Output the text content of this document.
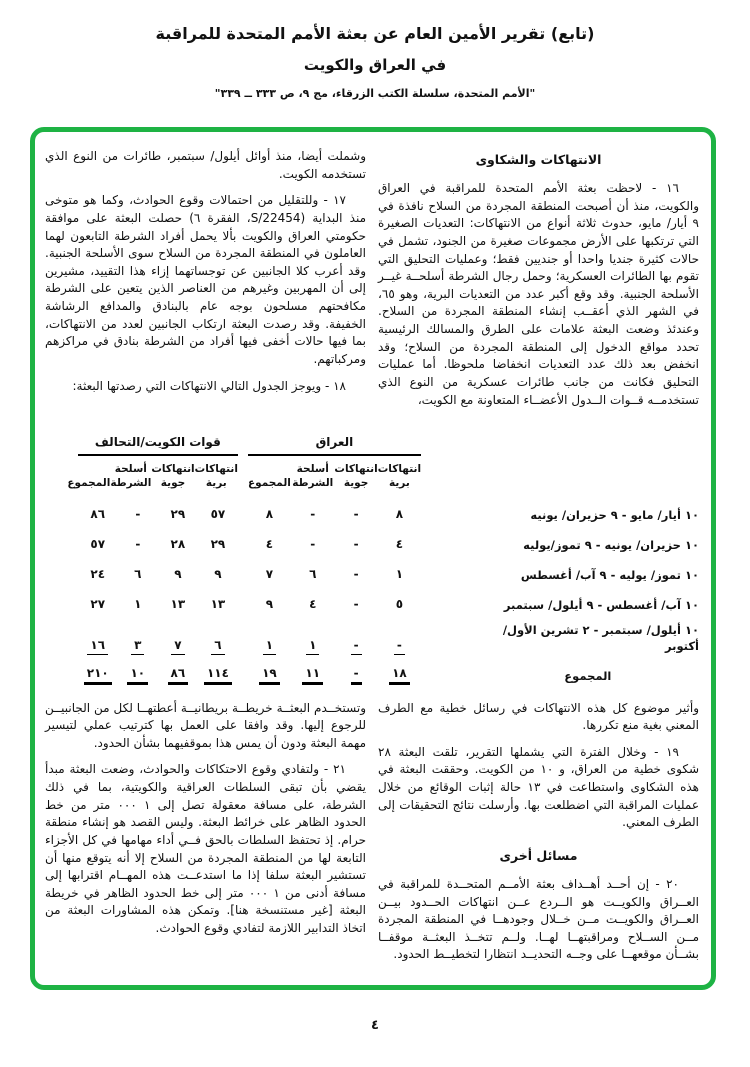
(تابع) تقرير الأمين العام عن بعثة الأمم المتحدة للمراقبة
في العراق والكويت
"الأمم المتحدة، سلسلة الكتب الزرقاء، مج ٩، ص ٣٣٣ ــ ٣٣٩"
الانتهاكات والشكاوى

١٦ - لاحظت بعثة الأمم المتحدة للمراقبة في العراق والكويت، منذ أن أصبحت المنطقة المجردة من السلاح نافذة في ٩ أيار/ مايو، حدوث ثلاثة أنواع من الانتهاكات: التعديات الصغيرة التي ترتكبها على الأرض مجموعات صغيرة من الجنود، تشمل في حالات كثيرة جنديا واحدا أو جنديين فقط؛ وعمليات التحليق التي تقوم بها الطائرات العسكرية؛ وحمل رجال الشرطة أسلحــة غيــر الأسلحة الجنبية. وقد وقع أكبر عدد من التعديات البرية، وهو ٦٥، في الشهر الذي أعقــب إنشاء المنطقة المجردة من السلاح. وعندئذ وضعت البعثة علامات على الطرق والمسالك الرئيسية تحدد مواقع الدخول إلى المنطقة المجردة من السلاح؛ وقد انخفض بعد ذلك عدد التعديات انخفاضا ملحوظا. أما عمليات التحليق فكانت من جانب طائرات عسكرية من النوع الذي تستخدمــه قــوات الــدول الأعضــاء المتعاونة مع الكويت،

وشملت أيضا، منذ أوائل أيلول/ سبتمبر، طائرات من النوع الذي تستخدمه الكويت.

١٧ - وللتقليل من احتمالات وقوع الحوادث، وكما هو متوخى منذ البداية (S/22454، الفقرة ٦) حصلت البعثة على موافقة حكومتي العراق والكويت بألا يحمل أفراد الشرطة التابعون لهما العاملون في المنطقة المجردة من السلاح سوى الأسلحة الجنبية. وقد أعرب كلا الجانبين عن توجساتهما إزاء هذا التقييد، مشيرين إلى أن المهربين وغيرهم من العناصر الذين يتعين على الشرطة مكافحتهم مسلحون بوجه عام بالبنادق والمدافع الرشاشة الخفيفة. وقد رصدت البعثة ارتكاب الجانبين لعدد من الانتهاكات، بما فيها حالات أخفى فيها أفراد من الشرطة بنادق في مراكزهم ومركباتهم.

١٨ - ويوجز الجدول التالي الانتهاكات التي رصدتها البعثة:

العراق
قوات الكويت/التحالف
انتهاكات
برية
انتهاكات
جوية
أسلحة
الشرطة
المجموع
انتهاكات
برية
انتهاكات
جوية
أسلحة
الشرطة
المجموع
١٠ أيار/ مايو - ٩ حزيران/ يونيه
٨
-
-
٨
٥٧
٢٩
-
٨٦
١٠ حزيران/ يونيه - ٩ تموز/يوليه
٤
-
-
٤
٢٩
٢٨
-
٥٧
١٠ تموز/ يوليه - ٩ آب/ أغسطس
١
-
٦
٧
٩
٩
٦
٢٤
١٠ آب/ أغسطس - ٩ أيلول/ سبتمبر
٥
-
٤
٩
١٣
١٣
١
٢٧
١٠ أيلول/ سبتمبر - ٢ تشرين الأول/ أكتوبر
-
-
١
١
٦
٧
٣
١٦
المجموع
١٨
-
١١
١٩
١١٤
٨٦
١٠
٢١٠

وأثير موضوع كل هذه الانتهاكات في رسائل خطية مع الطرف المعني بغية منع تكررها.

١٩ - وخلال الفترة التي يشملها التقرير، تلقت البعثة ٢٨ شكوى خطية من العراق، و ١٠ من الكويت. وحققت البعثة في هذه الشكاوى واستطاعت في ١٣ حالة إثبات الوقائع من خلال عمليات المراقبة التي اضطلعت بها. وأرسلت نتائج التحقيقات إلى الطرف المعني.

مسائل أخرى

٢٠ - إن أحــد أهــداف بعثة الأمــم المتحــدة للمراقبة في العــراق والكويــت هو الــردع عــن انتهاكات الحــدود بيــن العــراق والكويــت مــن خــلال وجودهــا في المنطقة المجردة مــن الســلاح ومراقبتهــا لهــا. ولــم تتخــذ البعثــة موقفــا بشــأن موقعهــا على وجــه التحديــد انتظارا لتخطيــط الحدود.

وتستخــدم البعثــة خريطــة بريطانيــة أعطتهــا لكل من الجانبيــن للرجوع إليها. وقد وافقا على العمل بها كترتيب عملي لتيسير مهمة البعثة ودون أن يمس هذا بموقفيهما بشأن الحدود.

٢١ - ولتفادي وقوع الاحتكاكات والحوادث، وضعت البعثة مبدأ يقضي بأن تبقى السلطات العراقية والكويتية، بما في ذلك الشرطة، على مسافة معقولة تصل إلى ١ ٠٠٠ متر من خط الحدود الظاهر على خرائط البعثة. وليس القصد هو إنشاء منطقة حرام. إذ تحتفظ السلطات بالحق فــي أداء مهامها في كل الأجزاء التابعة لها من المنطقة المجردة من السلاح إلا أنه يتوقع منها أن تستشير البعثة سلفا إذا ما استدعــت هذه المهــام اقترابها إلى مسافة أدنى من ١ ٠٠٠ متر إلى خط الحدود الظاهر في خريطة البعثة [غير مستنسخة هنا]. وتمكن هذه المشاورات البعثة من اتخاذ التدابير اللازمة لتفادي وقوع الحوادث.

٤
